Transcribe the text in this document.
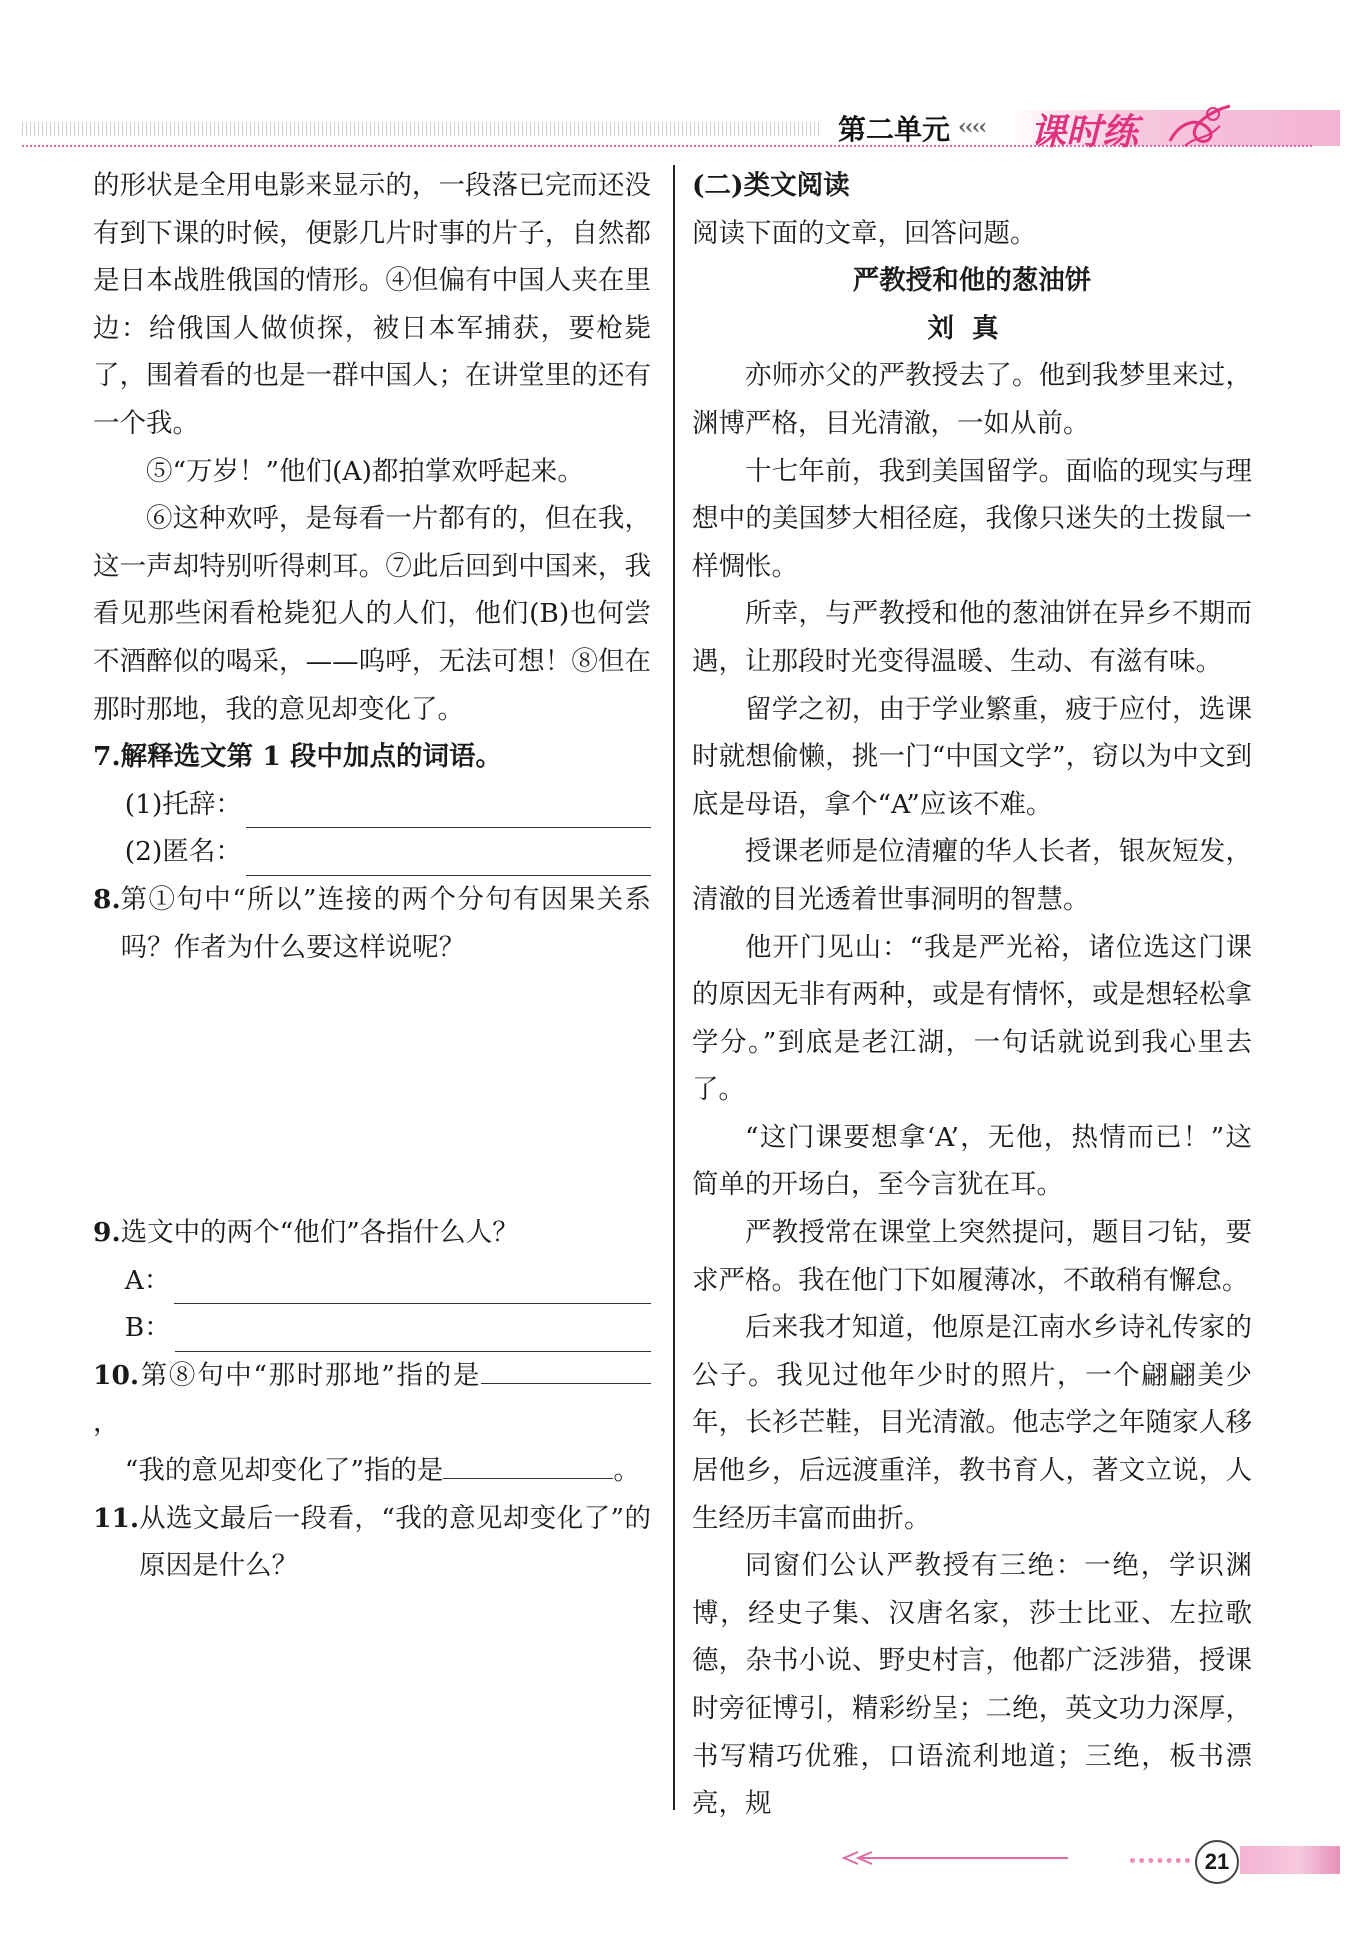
第二单元 ‹‹‹‹ 课时练

的形状是全用电影来显示的，一段落已完而还没有到下课的时候，便影几片时事的片子，自然都是日本战胜俄国的情形。④但偏有中国人夹在里边：给俄国人做侦探，被日本军捕获，要枪毙了，围着看的也是一群中国人；在讲堂里的还有一个我。

⑤“万岁！”他们(A)都拍掌欢呼起来。

⑥这种欢呼，是每看一片都有的，但在我，这一声却特别听得刺耳。⑦此后回到中国来，我看见那些闲看枪毙犯人的人们，他们(B)也何尝不酒醉似的喝采，——呜呼，无法可想！⑧但在那时那地，我的意见却变化了。

7.解释选文第 1 段中加点的词语。

(1)托辞：
(2)匿名：

8. 第①句中“所以”连接的两个分句有因果关系吗？作者为什么要这样说呢？

9.选文中的两个“他们”各指什么人？

A：
B：

10.第⑧句中“那时那地”指的是，

“我的意见却变化了”指的是	。

11. 从选文最后一段看，“我的意见却变化了”的原因是什么？

(二)类文阅读

阅读下面的文章，回答问题。

严教授和他的葱油饼

刘真

亦师亦父的严教授去了。他到我梦里来过，渊博严格，目光清澈，一如从前。

十七年前，我到美国留学。面临的现实与理想中的美国梦大相径庭，我像只迷失的土拨鼠一样惆怅。

所幸，与严教授和他的葱油饼在异乡不期而遇，让那段时光变得温暖、生动、有滋有味。

留学之初，由于学业繁重，疲于应付，选课时就想偷懒，挑一门“中国文学”，窃以为中文到底是母语，拿个“A”应该不难。

授课老师是位清癯的华人长者，银灰短发，清澈的目光透着世事洞明的智慧。

他开门见山：“我是严光裕，诸位选这门课的原因无非有两种，或是有情怀，或是想轻松拿学分。”到底是老江湖，一句话就说到我心里去了。

“这门课要想拿‘A’，无他，热情而已！”这简单的开场白，至今言犹在耳。

严教授常在课堂上突然提问，题目刁钻，要求严格。我在他门下如履薄冰，不敢稍有懈怠。

后来我才知道，他原是江南水乡诗礼传家的公子。我见过他年少时的照片，一个翩翩美少年，长衫芒鞋，目光清澈。他志学之年随家人移居他乡，后远渡重洋，教书育人，著文立说，人生经历丰富而曲折。

同窗们公认严教授有三绝：一绝，学识渊博，经史子集、汉唐名家，莎士比亚、左拉歌德，杂书小说、野史村言，他都广泛涉猎，授课时旁征博引，精彩纷呈；二绝，英文功力深厚，书写精巧优雅，口语流利地道；三绝，板书漂亮，规

21
